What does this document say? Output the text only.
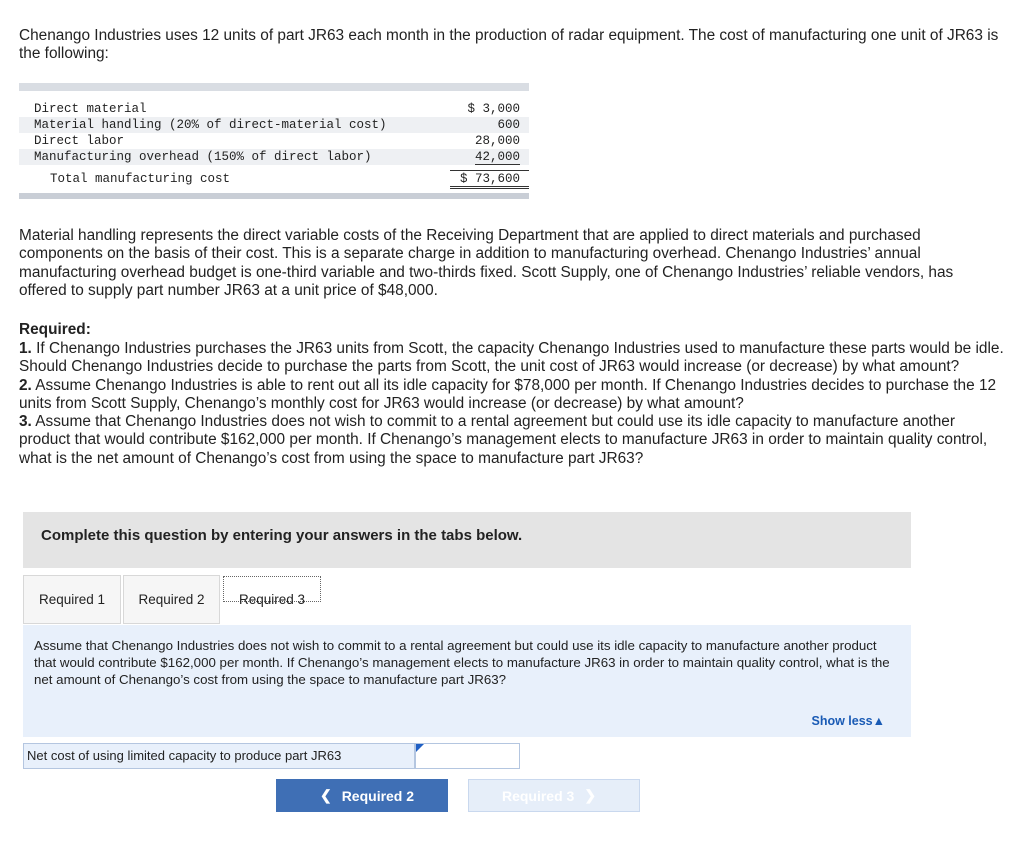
Chenango Industries uses 12 units of part JR63 each month in the production of radar equipment. The cost of manufacturing one unit of JR63 is the following:
Direct material	$ 3,000
Material handling (20% of direct-material cost)	600
Direct labor	28,000
Manufacturing overhead (150% of direct labor)	42,000
Total manufacturing cost	$ 73,600
Material handling represents the direct variable costs of the Receiving Department that are applied to direct materials and purchased components on the basis of their cost. This is a separate charge in addition to manufacturing overhead. Chenango Industries’ annual manufacturing overhead budget is one-third variable and two-thirds fixed. Scott Supply, one of Chenango Industries’ reliable vendors, has offered to supply part number JR63 at a unit price of $48,000.
Required:
1. If Chenango Industries purchases the JR63 units from Scott, the capacity Chenango Industries used to manufacture these parts would be idle. Should Chenango Industries decide to purchase the parts from Scott, the unit cost of JR63 would increase (or decrease) by what amount?
2. Assume Chenango Industries is able to rent out all its idle capacity for $78,000 per month. If Chenango Industries decides to purchase the 12 units from Scott Supply, Chenango’s monthly cost for JR63 would increase (or decrease) by what amount?
3. Assume that Chenango Industries does not wish to commit to a rental agreement but could use its idle capacity to manufacture another product that would contribute $162,000 per month. If Chenango’s management elects to manufacture JR63 in order to maintain quality control, what is the net amount of Chenango’s cost from using the space to manufacture part JR63?
Complete this question by entering your answers in the tabs below.
Required 1 Required 2	Required 3
Assume that Chenango Industries does not wish to commit to a rental agreement but could use its idle capacity to manufacture another product that would contribute $162,000 per month. If Chenango’s management elects to manufacture JR63 in order to maintain quality control, what is the net amount of Chenango’s cost from using the space to manufacture part JR63?
Show less▲
Net cost of using limited capacity to produce part JR63
❮ Required 2	Required 3 ❯
